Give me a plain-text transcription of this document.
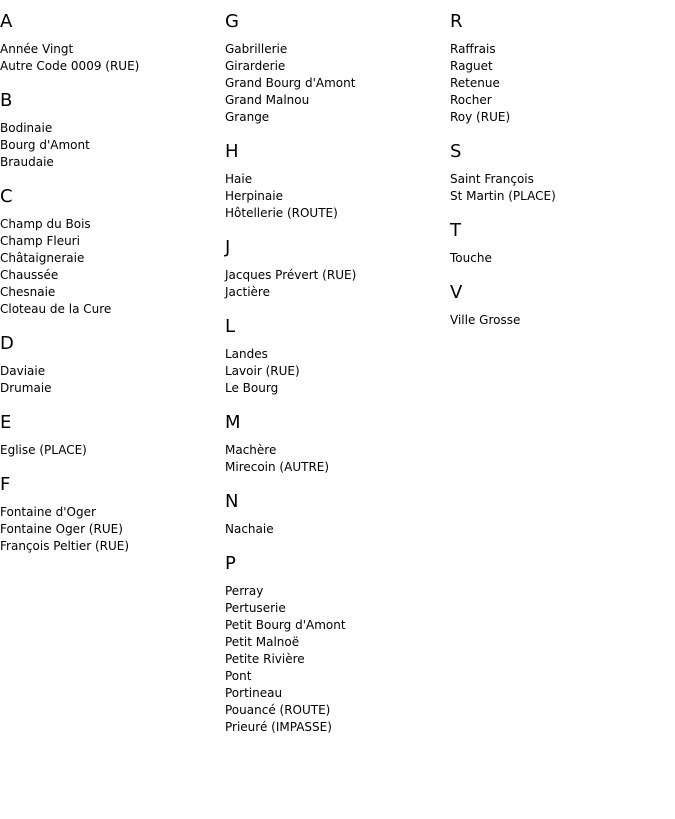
A
Année Vingt
Autre Code 0009 (RUE)
B
Bodinaie
Bourg d'Amont
Braudaie
C
Champ du Bois
Champ Fleuri
Châtaigneraie
Chaussée
Chesnaie
Cloteau de la Cure
D
Daviaie
Drumaie
E
Eglise (PLACE)
F
Fontaine d'Oger
Fontaine Oger (RUE)
François Peltier (RUE)
G
Gabrillerie
Girarderie
Grand Bourg d'Amont
Grand Malnou
Grange
H
Haie
Herpinaie
Hôtellerie (ROUTE)
J
Jacques Prévert (RUE)
Jactière
L
Landes
Lavoir (RUE)
Le Bourg
M
Machère
Mirecoin (AUTRE)
N
Nachaie
P
Perray
Pertuserie
Petit Bourg d'Amont
Petit Malnoë
Petite Rivière
Pont
Portineau
Pouancé (ROUTE)
Prieuré (IMPASSE)
R
Raffrais
Raguet
Retenue
Rocher
Roy (RUE)
S
Saint François
St Martin (PLACE)
T
Touche
V
Ville Grosse
